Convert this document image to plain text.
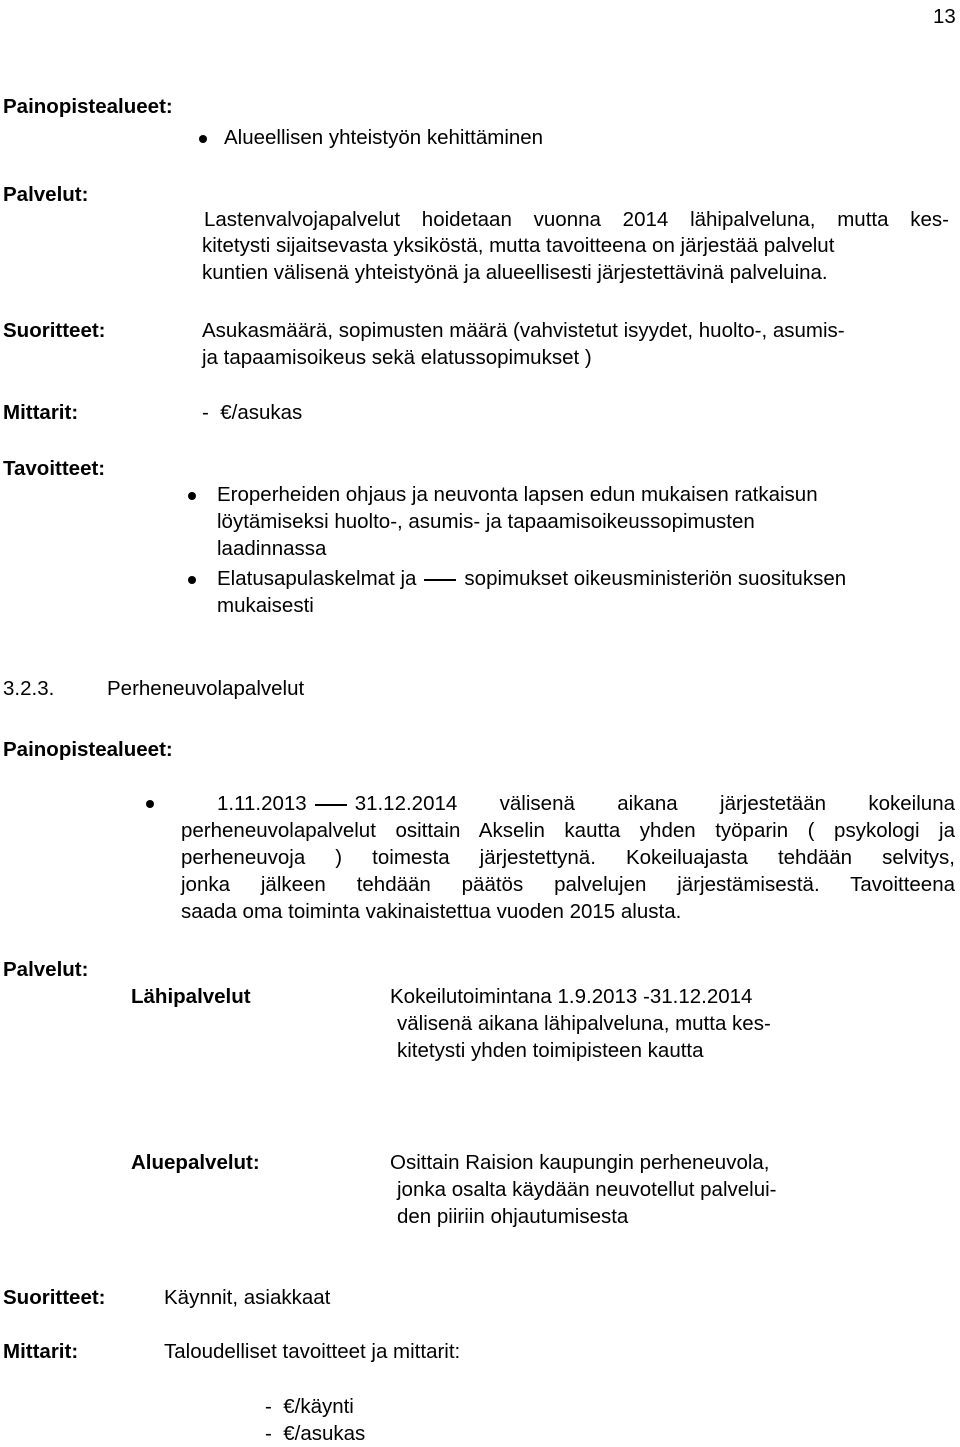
13
Painopistealueet:
Alueellisen yhteistyön kehittäminen
Palvelut:
Lastenvalvojapalvelut hoidetaan vuonna 2014 lähipalveluna, mutta kes-
kitetysti sijaitsevasta yksiköstä, mutta tavoitteena on järjestää palvelut
kuntien välisenä yhteistyönä ja alueellisesti järjestettävinä palveluina.
Suoritteet:	Asukasmäärä, sopimusten määrä (vahvistetut isyydet, huolto-, asumis-
ja tapaamisoikeus sekä elatussopimukset )
Mittarit:	-  €/asukas
Tavoitteet:
Eroperheiden ohjaus ja neuvonta lapsen edun mukaisen ratkaisun
löytämiseksi huolto-, asumis- ja tapaamisoikeussopimusten
laadinnassa
Elatusapulaskelmat ja sopimukset oikeusministeriön suosituksen
mukaisesti
3.2.3.	Perheneuvolapalvelut
Painopistealueet:
1.11.2013 31.12.2014 välisenä aikana järjestetään kokeiluna
perheneuvolapalvelut osittain Akselin kautta yhden työparin ( psykologi ja
perheneuvoja  )  toimesta  järjestettynä.  Kokeiluajasta  tehdään  selvitys,
jonka  jälkeen  tehdään  päätös  palvelujen  järjestämisestä.  Tavoitteena
saada oma toiminta vakinaistettua vuoden 2015 alusta.
Palvelut:
Lähipalvelut	Kokeilutoimintana 1.9.2013 -31.12.2014
välisenä aikana lähipalveluna, mutta kes-
kitetysti yhden toimipisteen kautta
Aluepalvelut:	Osittain Raision kaupungin perheneuvola,
jonka osalta käydään neuvotellut palvelui-
den piiriin ohjautumisesta
Suoritteet:	Käynnit, asiakkaat
Mittarit:	Taloudelliset tavoitteet ja mittarit:
-  €/käynti
-  €/asukas
